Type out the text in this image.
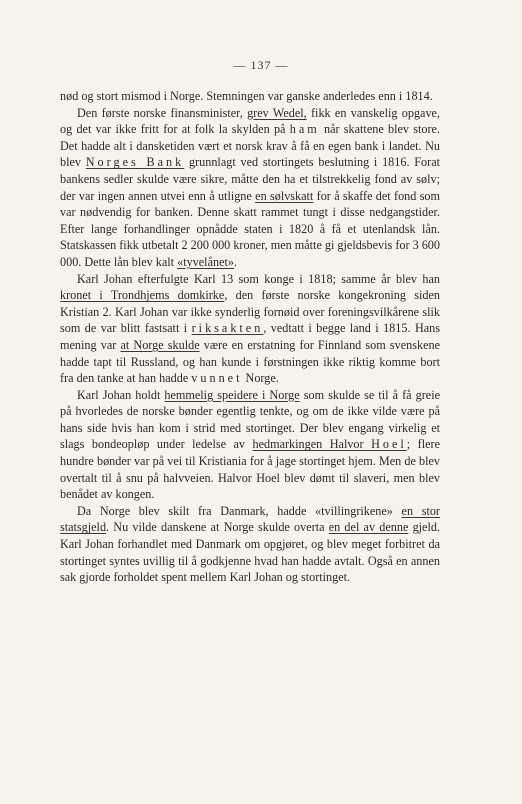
— 137 —

nød og stort mismod i Norge. Stemningen var ganske anderledes enn i 1814.

Den første norske finansminister, grev Wedel, fikk en vanskelig opgave, og det var ikke fritt for at folk la skylden på ham når skattene blev store. Det hadde alt i dansketiden vært et norsk krav å få en egen bank i landet. Nu blev Norges Bank grunnlagt ved stortingets beslutning i 1816. Forat bankens sedler skulde være sikre, måtte den ha et tilstrekkelig fond av sølv; der var ingen annen utvei enn å utligne en sølvskatt for å skaffe det fond som var nødvendig for banken. Denne skatt rammet tungt i disse nedgangstider. Efter lange forhandlinger opnådde staten i 1820 å få et utenlandsk lån. Statskassen fikk utbetalt 2 200 000 kroner, men måtte gi gjeldsbevis for 3 600 000. Dette lån blev kalt «tyvelånet».

Karl Johan efterfulgte Karl 13 som konge i 1818; samme år blev han kronet i Trondhjems domkirke, den første norske kongekroning siden Kristian 2. Karl Johan var ikke synderlig fornøid over foreningsvilkårene slik som de var blitt fastsatt i riksakten, vedtatt i begge land i 1815. Hans mening var at Norge skulde være en erstatning for Finnland som svenskene hadde tapt til Russland, og han kunde i førstningen ikke riktig komme bort fra den tanke at han hadde vunnet Norge.

Karl Johan holdt hemmelig speidere i Norge som skulde se til å få greie på hvorledes de norske bønder egentlig tenkte, og om de ikke vilde være på hans side hvis han kom i strid med stortinget. Der blev engang virkelig et slags bondeopløp under ledelse av hedmarkingen Halvor Hoel; flere hundre bønder var på vei til Kristiania for å jage stortinget hjem. Men de blev overtalt til å snu på halvveien. Halvor Hoel blev dømt til slaveri, men blev benådet av kongen.

Da Norge blev skilt fra Danmark, hadde «tvillingrikene» en stor statsgjeld. Nu vilde danskene at Norge skulde overta en del av denne gjeld. Karl Johan forhandlet med Danmark om opgjøret, og blev meget forbitret da stortinget syntes uvillig til å godkjenne hvad han hadde avtalt. Også en annen sak gjorde forholdet spent mellem Karl Johan og stortinget.
